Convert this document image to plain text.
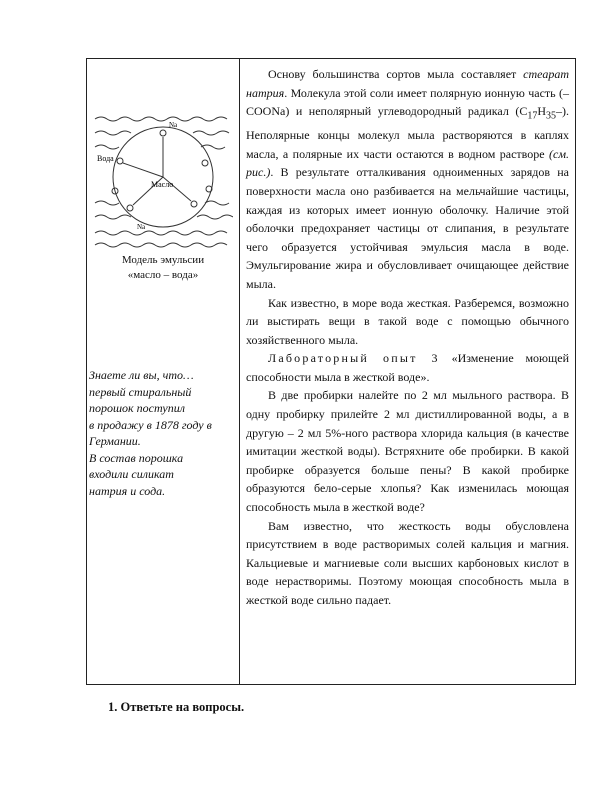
Вода
Масло
Na
Na
Модель эмульсии
«масло – вода»

Знаете ли вы, что…

первый стиральный

порошок поступил

в продажу в 1878 году в

Германии.

В состав порошка

входили силикат

натрия и сода.

Основу большинства сортов мыла составляет стеарат натрия. Молекула этой соли имеет полярную ионную часть (–COONa) и неполярный углеводородный радикал $(C_{17}H_{35}-)$. Неполярные концы молекул мыла растворяются в каплях масла, а полярные их части остаются в водном растворе (см. рис.). В результате отталкивания одноименных зарядов на поверхности масла оно разбивается на мельчайшие частицы, каждая из которых имеет ионную оболочку. Наличие этой оболочки предохраняет частицы от слипания, в результате чего образуется устойчивая эмульсия масла в воде. Эмульгирование жира и обусловливает очищающее действие мыла.

Как известно, в море вода жесткая. Разберемся, возможно ли выстирать вещи в такой воде с помощью обычного хозяйственного мыла.

Лабораторный опыт 3 «Изменение моющей способности мыла в жесткой воде».

В две пробирки налейте по 2 мл мыльного раствора. В одну пробирку прилейте 2 мл дистиллированной воды, а в другую – 2 мл 5%-ного раствора хлорида кальция (в качестве имитации жесткой воды). Встряхните обе пробирки. В какой пробирке образуется больше пены? В какой пробирке образуются бело-серые хлопья? Как изменилась моющая способность мыла в жесткой воде?

Вам известно, что жесткость воды обусловлена присутствием в воде растворимых солей кальция и магния. Кальциевые и магниевые соли высших карбоновых кислот в воде нерастворимы. Поэтому моющая способность мыла в жесткой воде сильно падает.

1. Ответьте на вопросы.
